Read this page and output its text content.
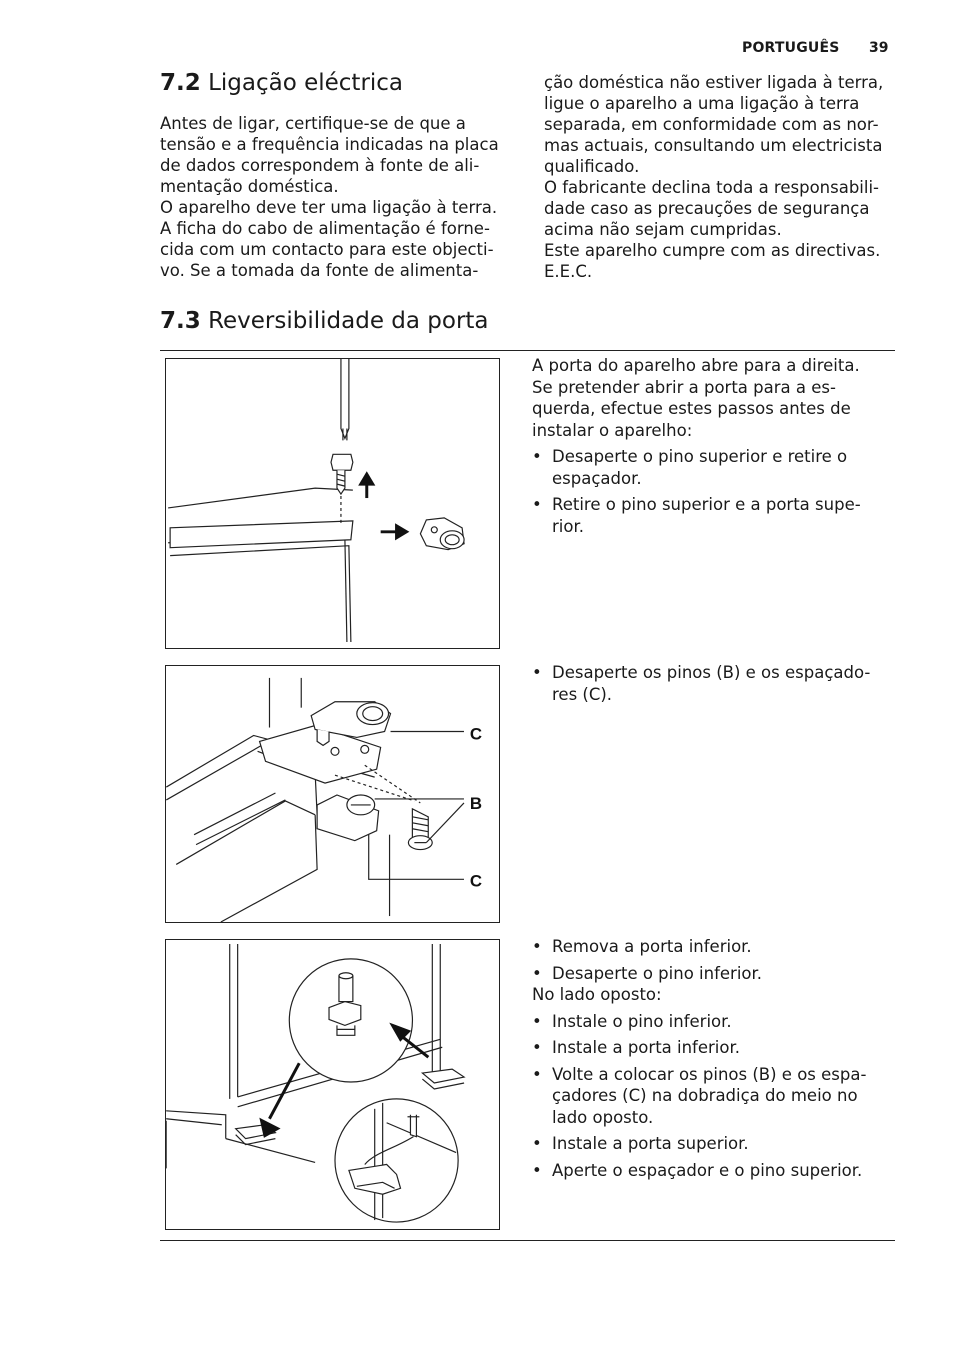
PORTUGUÊS 39
7.2 Ligação eléctrica
Antes de ligar, certifique-se de que a
tensão e a frequência indicadas na placa
de dados correspondem à fonte de ali-
mentação doméstica.
O aparelho deve ter uma ligação à terra.
A ficha do cabo de alimentação é forne-
cida com um contacto para este objecti-
vo. Se a tomada da fonte de alimenta-
ção doméstica não estiver ligada à terra,
ligue o aparelho a uma ligação à terra
separada, em conformidade com as nor-
mas actuais, consultando um electricista
qualificado.
O fabricante declina toda a responsabili-
dade caso as precauções de segurança
acima não sejam cumpridas.
Este aparelho cumpre com as directivas.
E.E.C.
7.3 Reversibilidade da porta

A porta do aparelho abre para a direita.
Se pretender abrir a porta para a es-
querda, efectue estes passos antes de
instalar o aparelho:

• Desaperte o pino superior e retire o
espaçador.
• Retire o pino superior e a porta supe-
rior.
C
B
C
• Desaperte os pinos (B) e os espaçado-
res (C).
• Remova a porta inferior.
• Desaperte o pino inferior.

No lado oposto:

• Instale o pino inferior.
• Instale a porta inferior.
• Volte a colocar os pinos (B) e os espa-
çadores (C) na dobradiça do meio no
lado oposto.
• Instale a porta superior.
• Aperte o espaçador e o pino superior.
